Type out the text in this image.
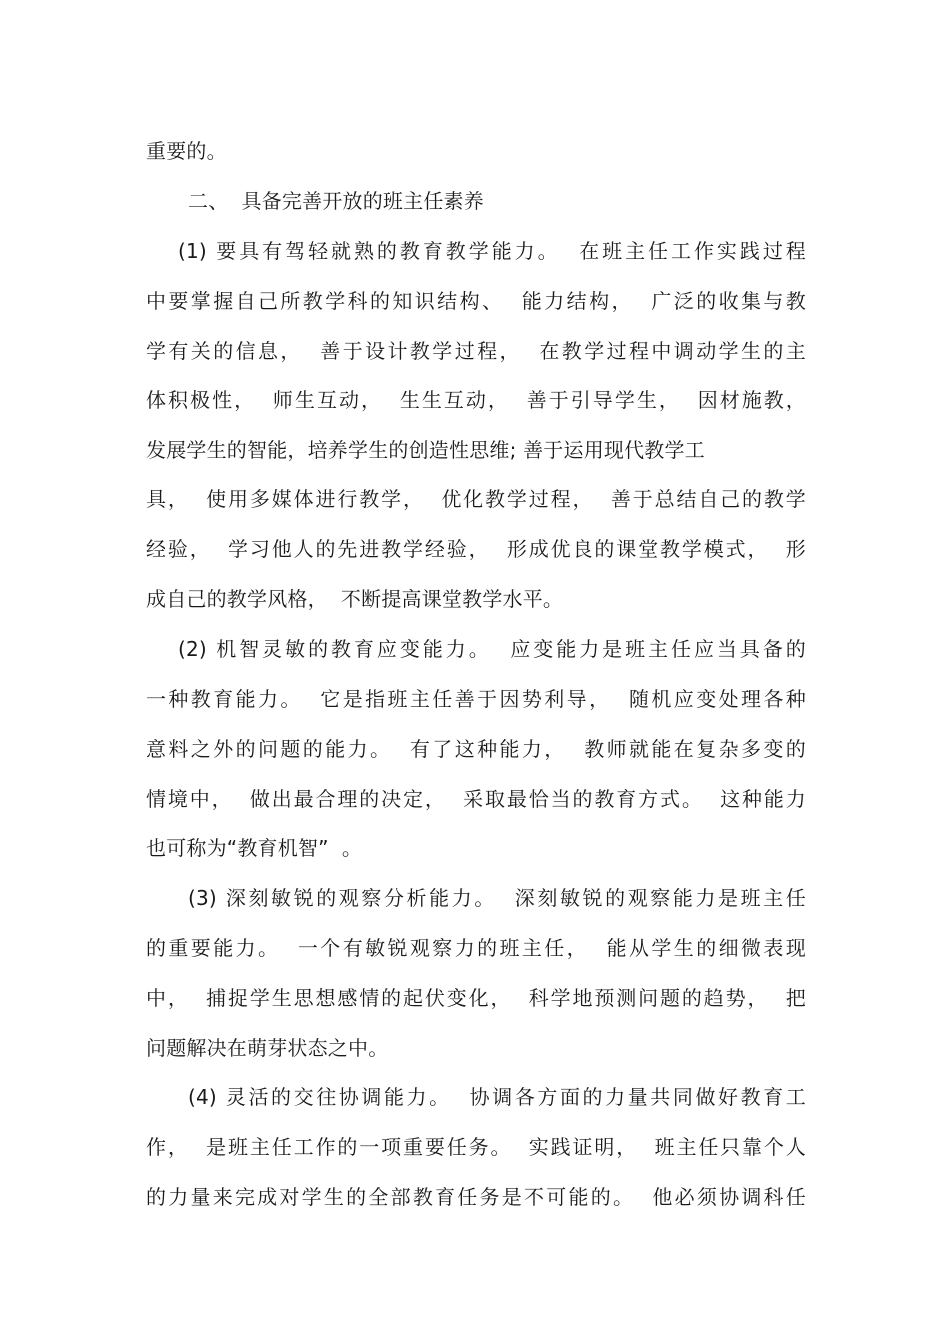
重要的。
二、  具备完善开放的班主任素养
(1) 要具有驾轻就熟的教育教学能力。  在班主任工作实践过程
中要掌握自己所教学科的知识结构、  能力结构，  广泛的收集与教
学有关的信息，  善于设计教学过程，  在教学过程中调动学生的主
体积极性，  师生互动，  生生互动，  善于引导学生，  因材施教，
发展学生的智能，培养学生的创造性思维; 善于运用现代教学工
具，  使用多媒体进行教学，  优化教学过程，  善于总结自己的教学
经验，  学习他人的先进教学经验，  形成优良的课堂教学模式，  形
成自己的教学风格，  不断提高课堂教学水平。
(2) 机智灵敏的教育应变能力。  应变能力是班主任应当具备的
一种教育能力。  它是指班主任善于因势利导，  随机应变处理各种
意料之外的问题的能力。  有了这种能力，  教师就能在复杂多变的
情境中，  做出最合理的决定，  采取最恰当的教育方式。  这种能力
也可称为“教育机智”  。
(3) 深刻敏锐的观察分析能力。  深刻敏锐的观察能力是班主任
的重要能力。  一个有敏锐观察力的班主任，  能从学生的细微表现
中，  捕捉学生思想感情的起伏变化，  科学地预测问题的趋势，  把
问题解决在萌芽状态之中。
(4) 灵活的交往协调能力。  协调各方面的力量共同做好教育工
作，  是班主任工作的一项重要任务。  实践证明，  班主任只靠个人
的力量来完成对学生的全部教育任务是不可能的。  他必须协调科任
